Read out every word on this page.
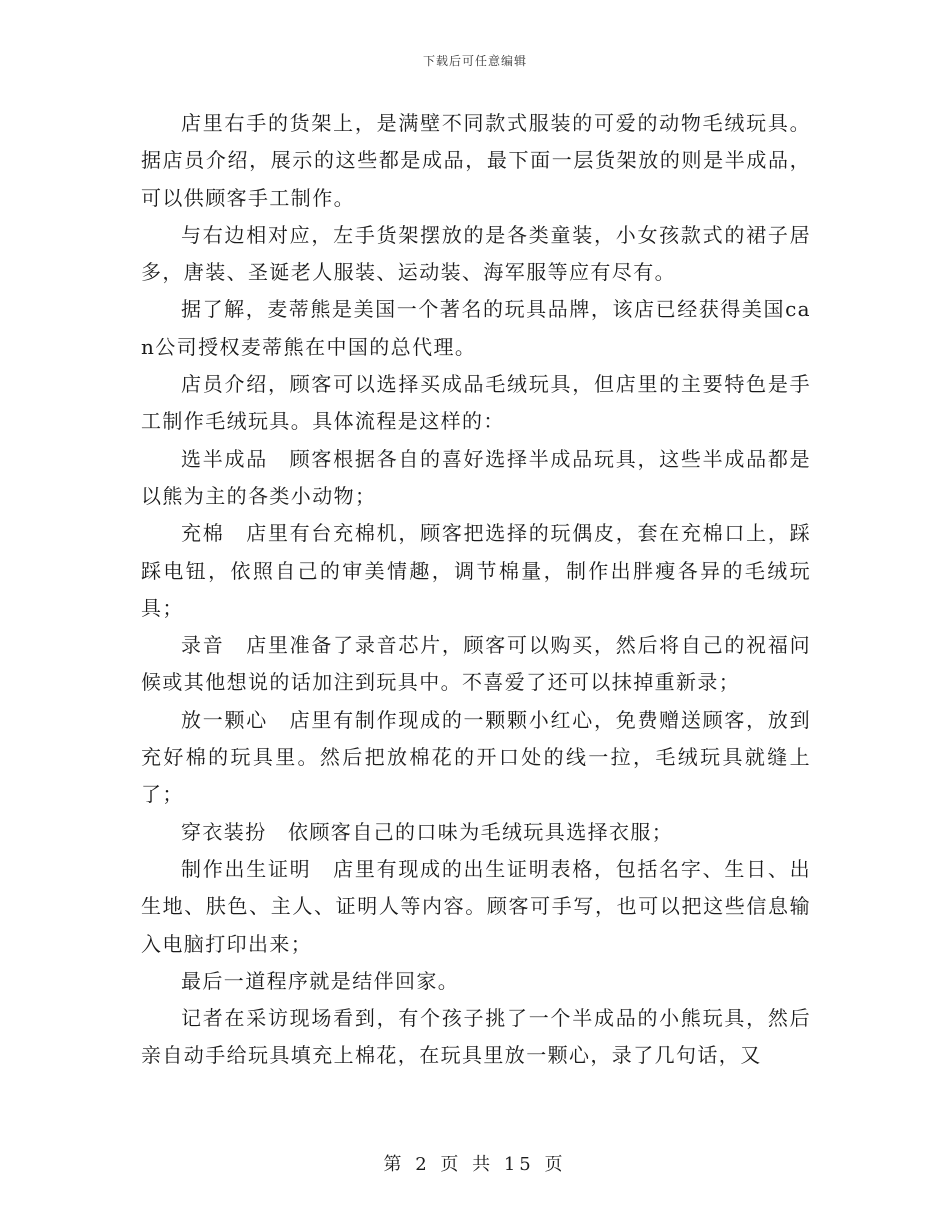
下载后可任意编辑

店里右手的货架上，是满壁不同款式服装的可爱的动物毛绒玩具。据店员介绍，展示的这些都是成品，最下面一层货架放的则是半成品，可以供顾客手工制作。

与右边相对应，左手货架摆放的是各类童装，小女孩款式的裙子居多，唐装、圣诞老人服装、运动装、海军服等应有尽有。

据了解，麦蒂熊是美国一个著名的玩具品牌，该店已经获得美国can公司授权麦蒂熊在中国的总代理。

店员介绍，顾客可以选择买成品毛绒玩具，但店里的主要特色是手工制作毛绒玩具。具体流程是这样的：

选半成品　顾客根据各自的喜好选择半成品玩具，这些半成品都是以熊为主的各类小动物；

充棉　店里有台充棉机，顾客把选择的玩偶皮，套在充棉口上，踩踩电钮，依照自己的审美情趣，调节棉量，制作出胖瘦各异的毛绒玩具；

录音　店里准备了录音芯片，顾客可以购买，然后将自己的祝福问候或其他想说的话加注到玩具中。不喜爱了还可以抹掉重新录；

放一颗心　店里有制作现成的一颗颗小红心，免费赠送顾客，放到充好棉的玩具里。然后把放棉花的开口处的线一拉，毛绒玩具就缝上了；

穿衣装扮　依顾客自己的口味为毛绒玩具选择衣服；

制作出生证明　店里有现成的出生证明表格，包括名字、生日、出生地、肤色、主人、证明人等内容。顾客可手写，也可以把这些信息输入电脑打印出来；

最后一道程序就是结伴回家。

记者在采访现场看到，有个孩子挑了一个半成品的小熊玩具，然后亲自动手给玩具填充上棉花，在玩具里放一颗心，录了几句话，又

第 2 页 共 15 页
